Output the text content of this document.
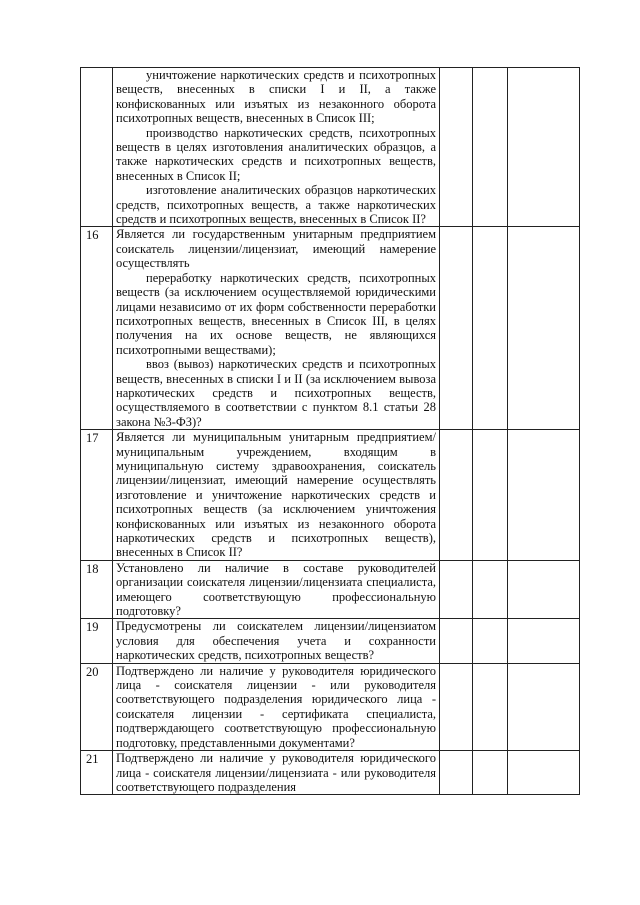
	уничтожение наркотических средств и психотропных веществ, внесенных в списки I и II, а также конфискованных или изъятых из незаконного оборота психотропных веществ, внесенных в Список III;

производство наркотических средств, психотропных веществ в целях изготовления аналитических образцов, а также наркотических средств и психотропных веществ, внесенных в Список II;

изготовление аналитических образцов наркотических средств, психотропных веществ, а также наркотических средств и психотропных веществ, внесенных в Список II?			

16	Является ли государственным унитарным предприятием соискатель лицензии/лицензиат, имеющий намерение осуществлять

переработку наркотических средств, психотропных веществ (за исключением осуществляемой юридическими лицами независимо от их форм собственности переработки психотропных веществ, внесенных в Список III, в целях получения на их основе веществ, не являющихся психотропными веществами);

ввоз (вывоз) наркотических средств и психотропных веществ, внесенных в списки I и II (за исключением вывоза наркотических средств и психотропных веществ, осуществляемого в соответствии с пунктом 8.1 статьи 28 закона №3-ФЗ)?			

17	Является ли муниципальным унитарным предприятием/ муниципальным учреждением, входящим в муниципальную систему здравоохранения, соискатель лицензии/лицензиат, имеющий намерение осуществлять изготовление и уничтожение наркотических средств и психотропных веществ (за исключением уничтожения конфискованных или изъятых из незаконного оборота наркотических средств и психотропных веществ), внесенных в Список II?			

18	Установлено ли наличие в составе руководителей организации соискателя лицензии/лицензиата специалиста, имеющего соответствующую профессиональную подготовку?			

19	Предусмотрены ли соискателем лицензии/лицензиатом условия для обеспечения учета и сохранности наркотических средств, психотропных веществ?			

20	Подтверждено ли наличие у руководителя юридического лица - соискателя лицензии - или руководителя соответствующего подразделения юридического лица - соискателя лицензии - сертификата специалиста, подтверждающего соответствующую профессиональную подготовку, представленными документами?			

21	Подтверждено ли наличие у руководителя юридического лица - соискателя лицензии/лицензиата - или руководителя соответствующего подразделения			
